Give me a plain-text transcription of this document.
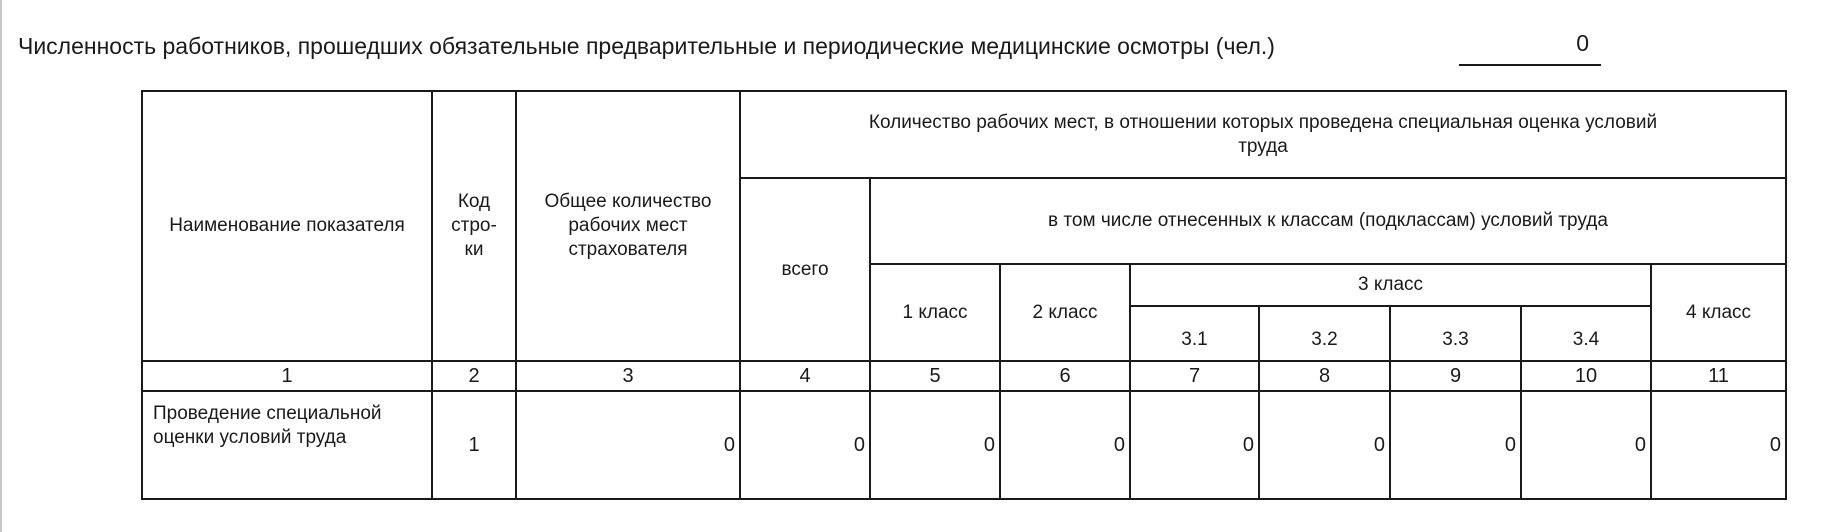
Численность работников, прошедших обязательные предварительные и периодические медицинские осмотры (чел.)	0
Наименование показателя	Код стро- ки	Общее количество рабочих мест страхователя	Количество рабочих мест, в отношении которых проведена специальная оценка условий труда							
			всего	в том числе отнесенных к классам (подклассам) условий труда						
				1 класс	2 класс	3 класс				4 класс
						3.1	3.2	3.3	3.4	
1	2	3	4	5	6	7	8	9	10	11
Проведение специальной оценки условий труда	1	0	0	0	0	0	0	0	0	0
